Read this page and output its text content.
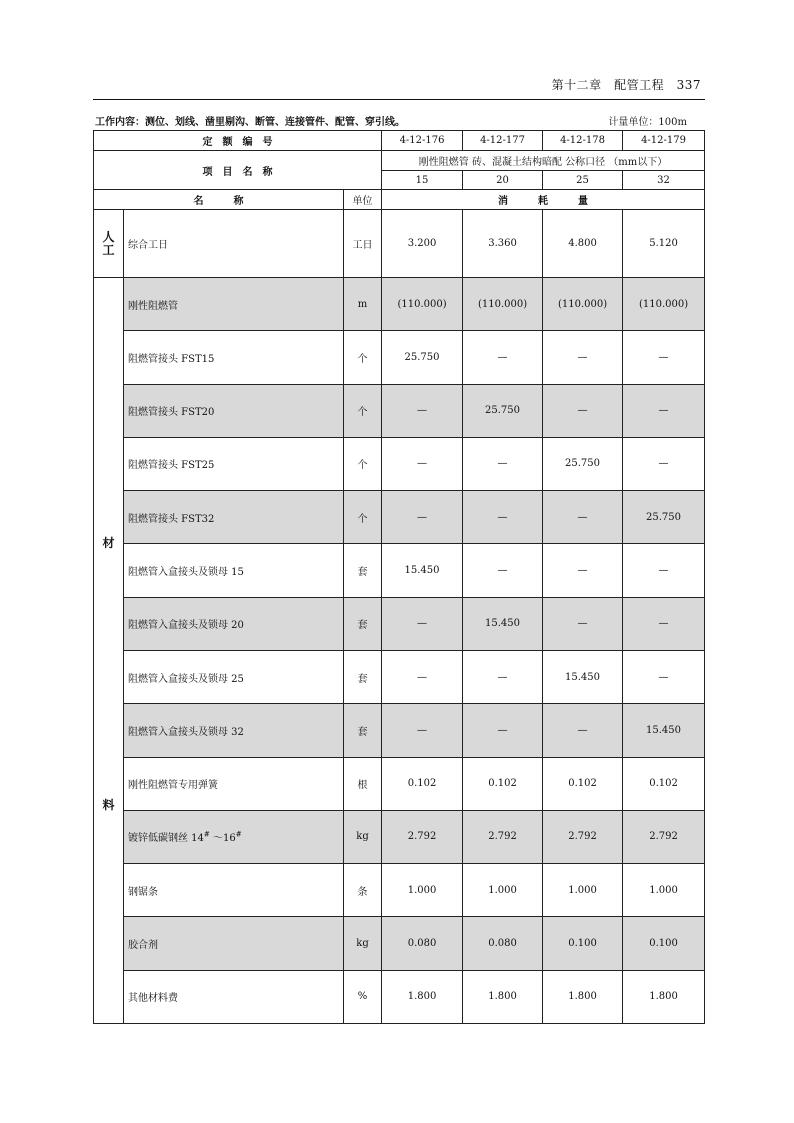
第十二章　配管工程　337
工作内容：测位、划线、凿里剔沟、断管、连接管件、配管、穿引线。	计量单位：100m
定　额　编　号			4-12-176	4-12-177	4-12-178	4-12-179
项　目　名　称			刚性阻燃管 砖、混凝土结构暗配 公称口径 （mm以下）			
			15	20	25	32
名　　　称		单位	消　　　耗　　　量			
人工	综合工日	工日	3.200	3.360	4.800	5.120

材
料	刚性阻燃管	m	(110.000)	(110.000)	(110.000)	(110.000)
	阻燃管接头 FST15	个	25.750	—	—	—
	阻燃管接头 FST20	个	—	25.750	—	—
	阻燃管接头 FST25	个	—	—	25.750	—
	阻燃管接头 FST32	个	—	—	—	25.750
	阻燃管入盒接头及锁母 15	套	15.450	—	—	—
	阻燃管入盒接头及锁母 20	套	—	15.450	—	—
	阻燃管入盒接头及锁母 25	套	—	—	15.450	—
	阻燃管入盒接头及锁母 32	套	—	—	—	15.450
	刚性阻燃管专用弹簧	根	0.102	0.102	0.102	0.102
	镀锌低碳钢丝 14# ～16#	kg	2.792	2.792	2.792	2.792
	钢锯条	条	1.000	1.000	1.000	1.000
	胶合剂	kg	0.080	0.080	0.100	0.100
	其他材料费	%	1.800	1.800	1.800	1.800
